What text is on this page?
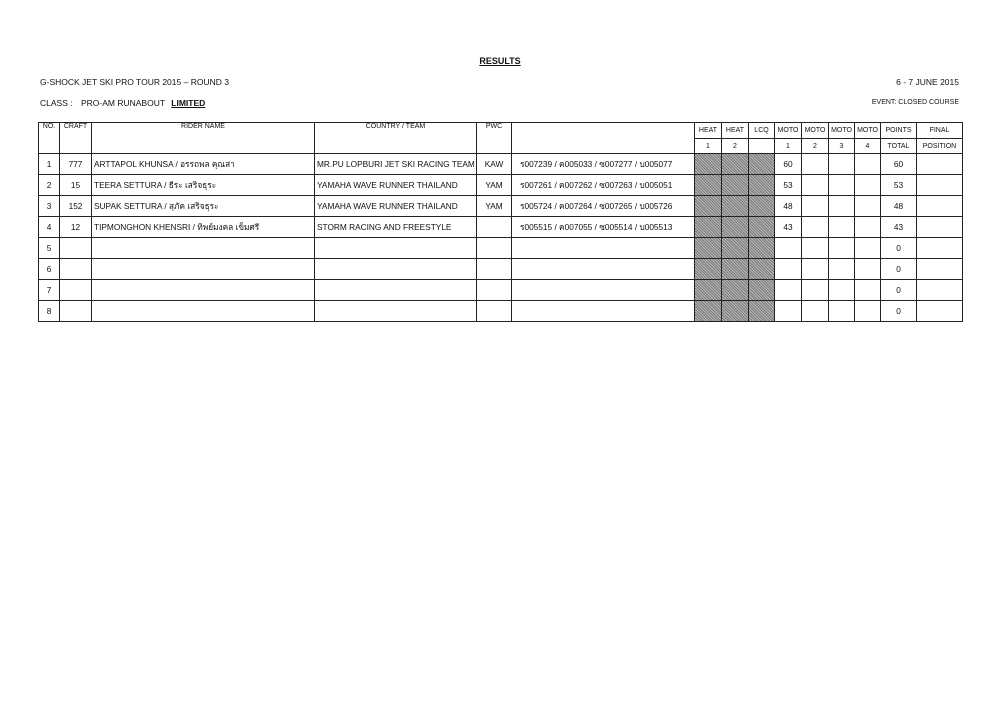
RESULTS
G-SHOCK JET SKI PRO TOUR 2015 – ROUND 3	6 - 7 JUNE 2015
CLASS : PRO-AM RUNABOUT LIMITED	EVENT: CLOSED COURSE
NO.	CRAFT	RIDER NAME	COUNTRY / TEAM	PWC		HEAT	HEAT	LCQ	MOTO	MOTO	MOTO	MOTO	POINTS	FINAL
						1	2		1	2	3	4	TOTAL	POSITION
1	777	ARTTAPOL KHUNSA / อรรถพล คุณสา	MR.PU LOPBURI JET SKI RACING TEAM	KAW	ร007239 / ค005033 / ซ007277 / บ005077				60				60	
2	15	TEERA SETTURA / ธีระ เสริจธุระ	YAMAHA WAVE RUNNER THAILAND	YAM	ร007261 / ค007262 / ซ007263 / บ005051				53				53	
3	152	SUPAK SETTURA / สุภัค เสริจธุระ	YAMAHA WAVE RUNNER THAILAND	YAM	ร005724 / ค007264 / ซ007265 / บ005726				48				48	
4	12	TIPMONGHON KHENSRI / ทิพย์มงคล เข็มศรี	STORM RACING AND FREESTYLE		ร005515 / ค007055 / ซ005514 / บ005513				43				43	
5													0	
6													0	
7													0	
8													0	
